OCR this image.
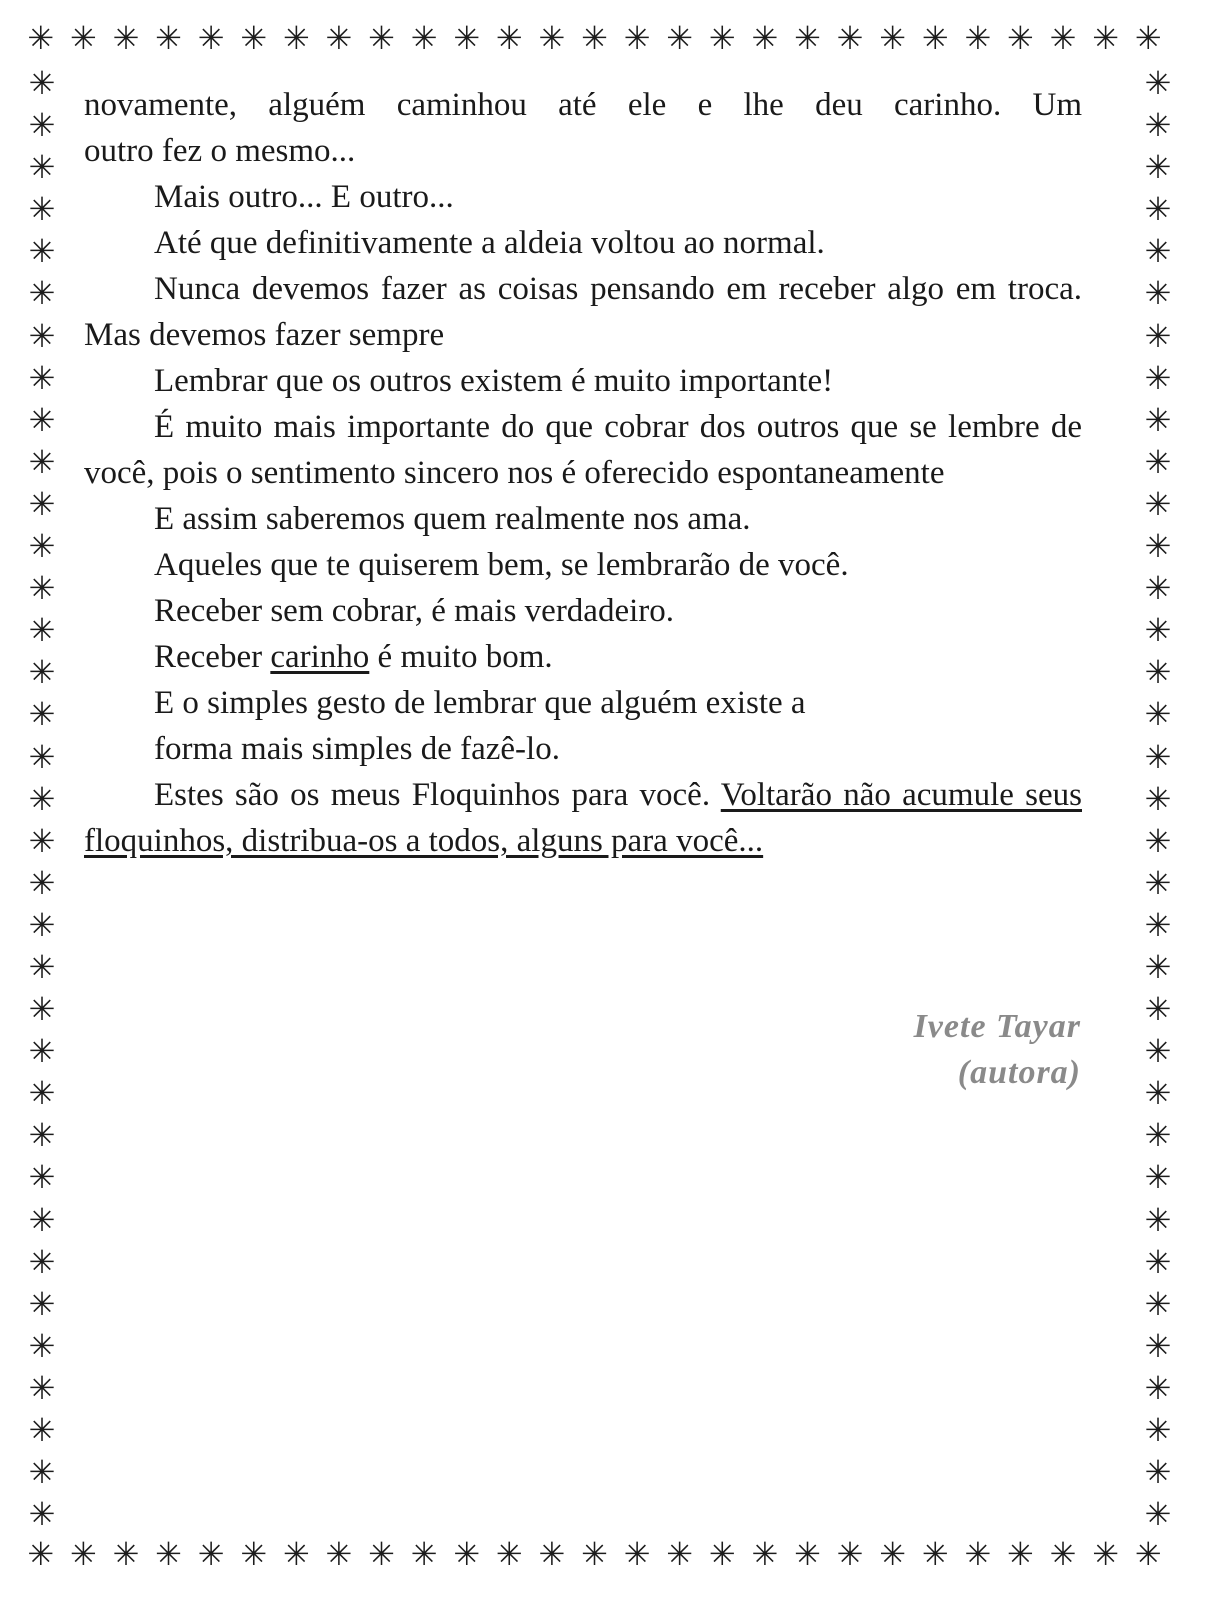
✳ ✳ ✳ ✳ ✳ ✳ ✳ ✳ ✳ ✳ ✳ ✳ ✳ ✳ ✳ ✳ ✳ ✳ ✳ ✳ ✳ ✳ ✳ ✳ ✳ ✳ ✳
✳
✳
✳
✳
✳
✳
✳
✳
✳
✳
✳
✳
✳
✳
✳
✳
✳
✳
✳
✳
✳
✳
✳
✳
✳
✳
✳
✳
✳
✳
✳
✳
✳
✳
✳
✳
✳
✳
✳
✳
✳
✳
✳
✳
✳
✳
✳
✳
✳
✳
✳
✳
✳
✳
✳
✳
✳
✳
✳
✳
✳
✳
✳
✳
✳
✳
✳
✳
✳
✳
✳ ✳ ✳ ✳ ✳ ✳ ✳ ✳ ✳ ✳ ✳ ✳ ✳ ✳ ✳ ✳ ✳ ✳ ✳ ✳ ✳ ✳ ✳ ✳ ✳ ✳ ✳

novamente, alguém caminhou até ele e lhe deu carinho. Um

outro fez o mesmo...

Mais outro... E outro...

Até que definitivamente a aldeia voltou ao normal.

Nunca devemos fazer as coisas pensando em receber algo em troca. Mas devemos fazer sempre

Lembrar que os outros existem é muito importante!

É muito mais importante do que cobrar dos outros que se lembre de você, pois o sentimento sincero nos é oferecido espontaneamente

E assim saberemos quem realmente nos ama.

Aqueles que te quiserem bem, se lembrarão de você.

Receber sem cobrar, é mais verdadeiro.

Receber carinho é muito bom.

E o simples gesto de lembrar que alguém existe a

forma mais simples de fazê-lo.

Estes são os meus Floquinhos para você. Voltarão não acumule seus floquinhos, distribua-os a todos, alguns para você...

Ivete Tayar
(autora)
